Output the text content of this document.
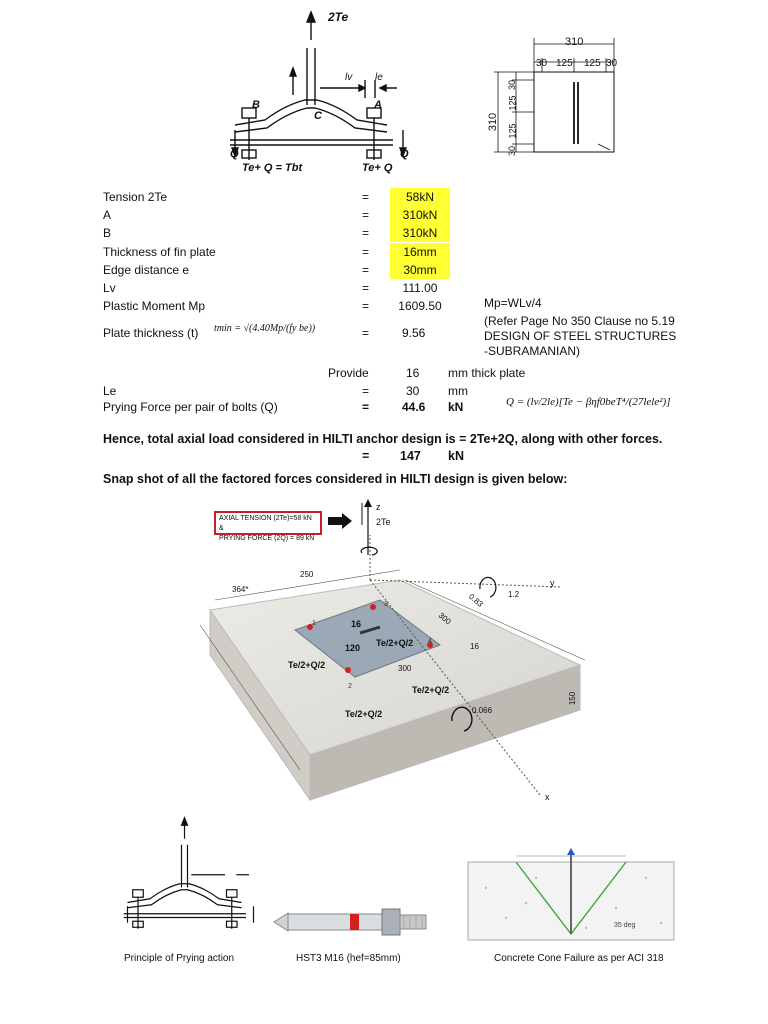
2Te
lv le
B	A
C
Q	Q
Te+ Q = Tbt	Te+ Q
310
30 125 125 30
310
30
125
125
30
Tension 2Te	=	58kN
A	=	310kN
B	=	310kN
Thickness of fin plate	=	16mm
Edge distance e	=	30mm
Lv	=	111.00
Plastic Moment Mp	=	1609.50	Mp=WLv/4
Plate thickness (t) tmin = √(4.40Mp/(fy be))	=	9.56
(Refer Page No 350 Clause no 5.19
DESIGN OF STEEL STRUCTURES
-SUBRAMANIAN)
Provide	16 mm thick plate
Le	=	30 mm
Prying Force per pair of bolts (Q)	=	44.6 kN	Q = (lv/2le)[Te − βηf0beT⁴/(27lele²)]
Hence, total axial load considered in HILTI anchor design is = 2Te+2Q, along with other forces.
= 147 kN
Snap shot of all the factored forces considered in HILTI design is given below:
AXIAL TENSION (2Te)=58 kN &
PRYING FORCE (2Q) = 89 kN
2Te
z
y
x
250
364*
300
300
150
16
120
1.2
0.83
0.066
16
Te/2+Q/2
Te/2+Q/2
Te/2+Q/2
Te/2+Q/2
1
2
3
4
35 deg
Principle of Prying action	HST3 M16 (hef=85mm)	Concrete Cone Failure as per ACI 318
